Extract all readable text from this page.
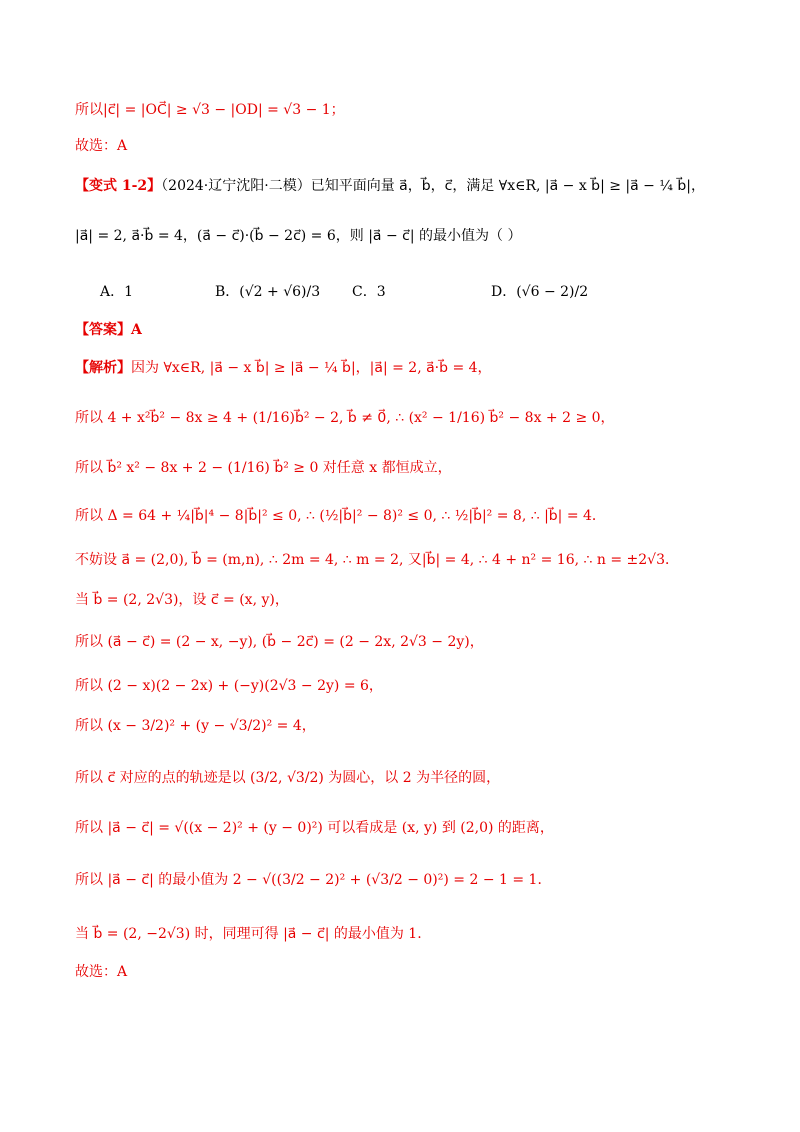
所以|c⃗| = |OC⃗| ≥ √3 − |OD| = √3 − 1；
故选：A
【变式 1-2】（2024·辽宁沈阳·二模）已知平面向量 a⃗，b⃗，c⃗，满足 ∀x∈R, |a⃗ − x b⃗| ≥ |a⃗ − ¼ b⃗|，
|a⃗| = 2, a⃗·b⃗ = 4，(a⃗ − c⃗)·(b⃗ − 2c⃗) = 6，则 |a⃗ − c⃗| 的最小值为（ ）
A．1	B．(√2 + √6)/3 C．3	D．(√6 − 2)/2
【答案】A
【解析】因为 ∀x∈R, |a⃗ − x b⃗| ≥ |a⃗ − ¼ b⃗|，|a⃗| = 2, a⃗·b⃗ = 4，
所以 4 + x²b⃗² − 8x ≥ 4 + (1/16)b⃗² − 2, b⃗ ≠ 0⃗, ∴ (x² − 1/16) b⃗² − 8x + 2 ≥ 0，
所以 b⃗² x² − 8x + 2 − (1/16) b⃗² ≥ 0 对任意 x 都恒成立，
所以 Δ = 64 + ¼|b⃗|⁴ − 8|b⃗|² ≤ 0, ∴ (½|b⃗|² − 8)² ≤ 0, ∴ ½|b⃗|² = 8, ∴ |b⃗| = 4．
不妨设 a⃗ = (2,0), b⃗ = (m,n), ∴ 2m = 4, ∴ m = 2, 又|b⃗| = 4, ∴ 4 + n² = 16, ∴ n = ±2√3．
当 b⃗ = (2, 2√3)，设 c⃗ = (x, y)，
所以 (a⃗ − c⃗) = (2 − x, −y), (b⃗ − 2c⃗) = (2 − 2x, 2√3 − 2y)，
所以 (2 − x)(2 − 2x) + (−y)(2√3 − 2y) = 6，
所以 (x − 3/2)² + (y − √3/2)² = 4，
所以 c⃗ 对应的点的轨迹是以 (3/2, √3/2) 为圆心，以 2 为半径的圆，
所以 |a⃗ − c⃗| = √((x − 2)² + (y − 0)²) 可以看成是 (x, y) 到 (2,0) 的距离，
所以 |a⃗ − c⃗| 的最小值为 2 − √((3/2 − 2)² + (√3/2 − 0)²) = 2 − 1 = 1．
当 b⃗ = (2, −2√3) 时，同理可得 |a⃗ − c⃗| 的最小值为 1.
故选：A
